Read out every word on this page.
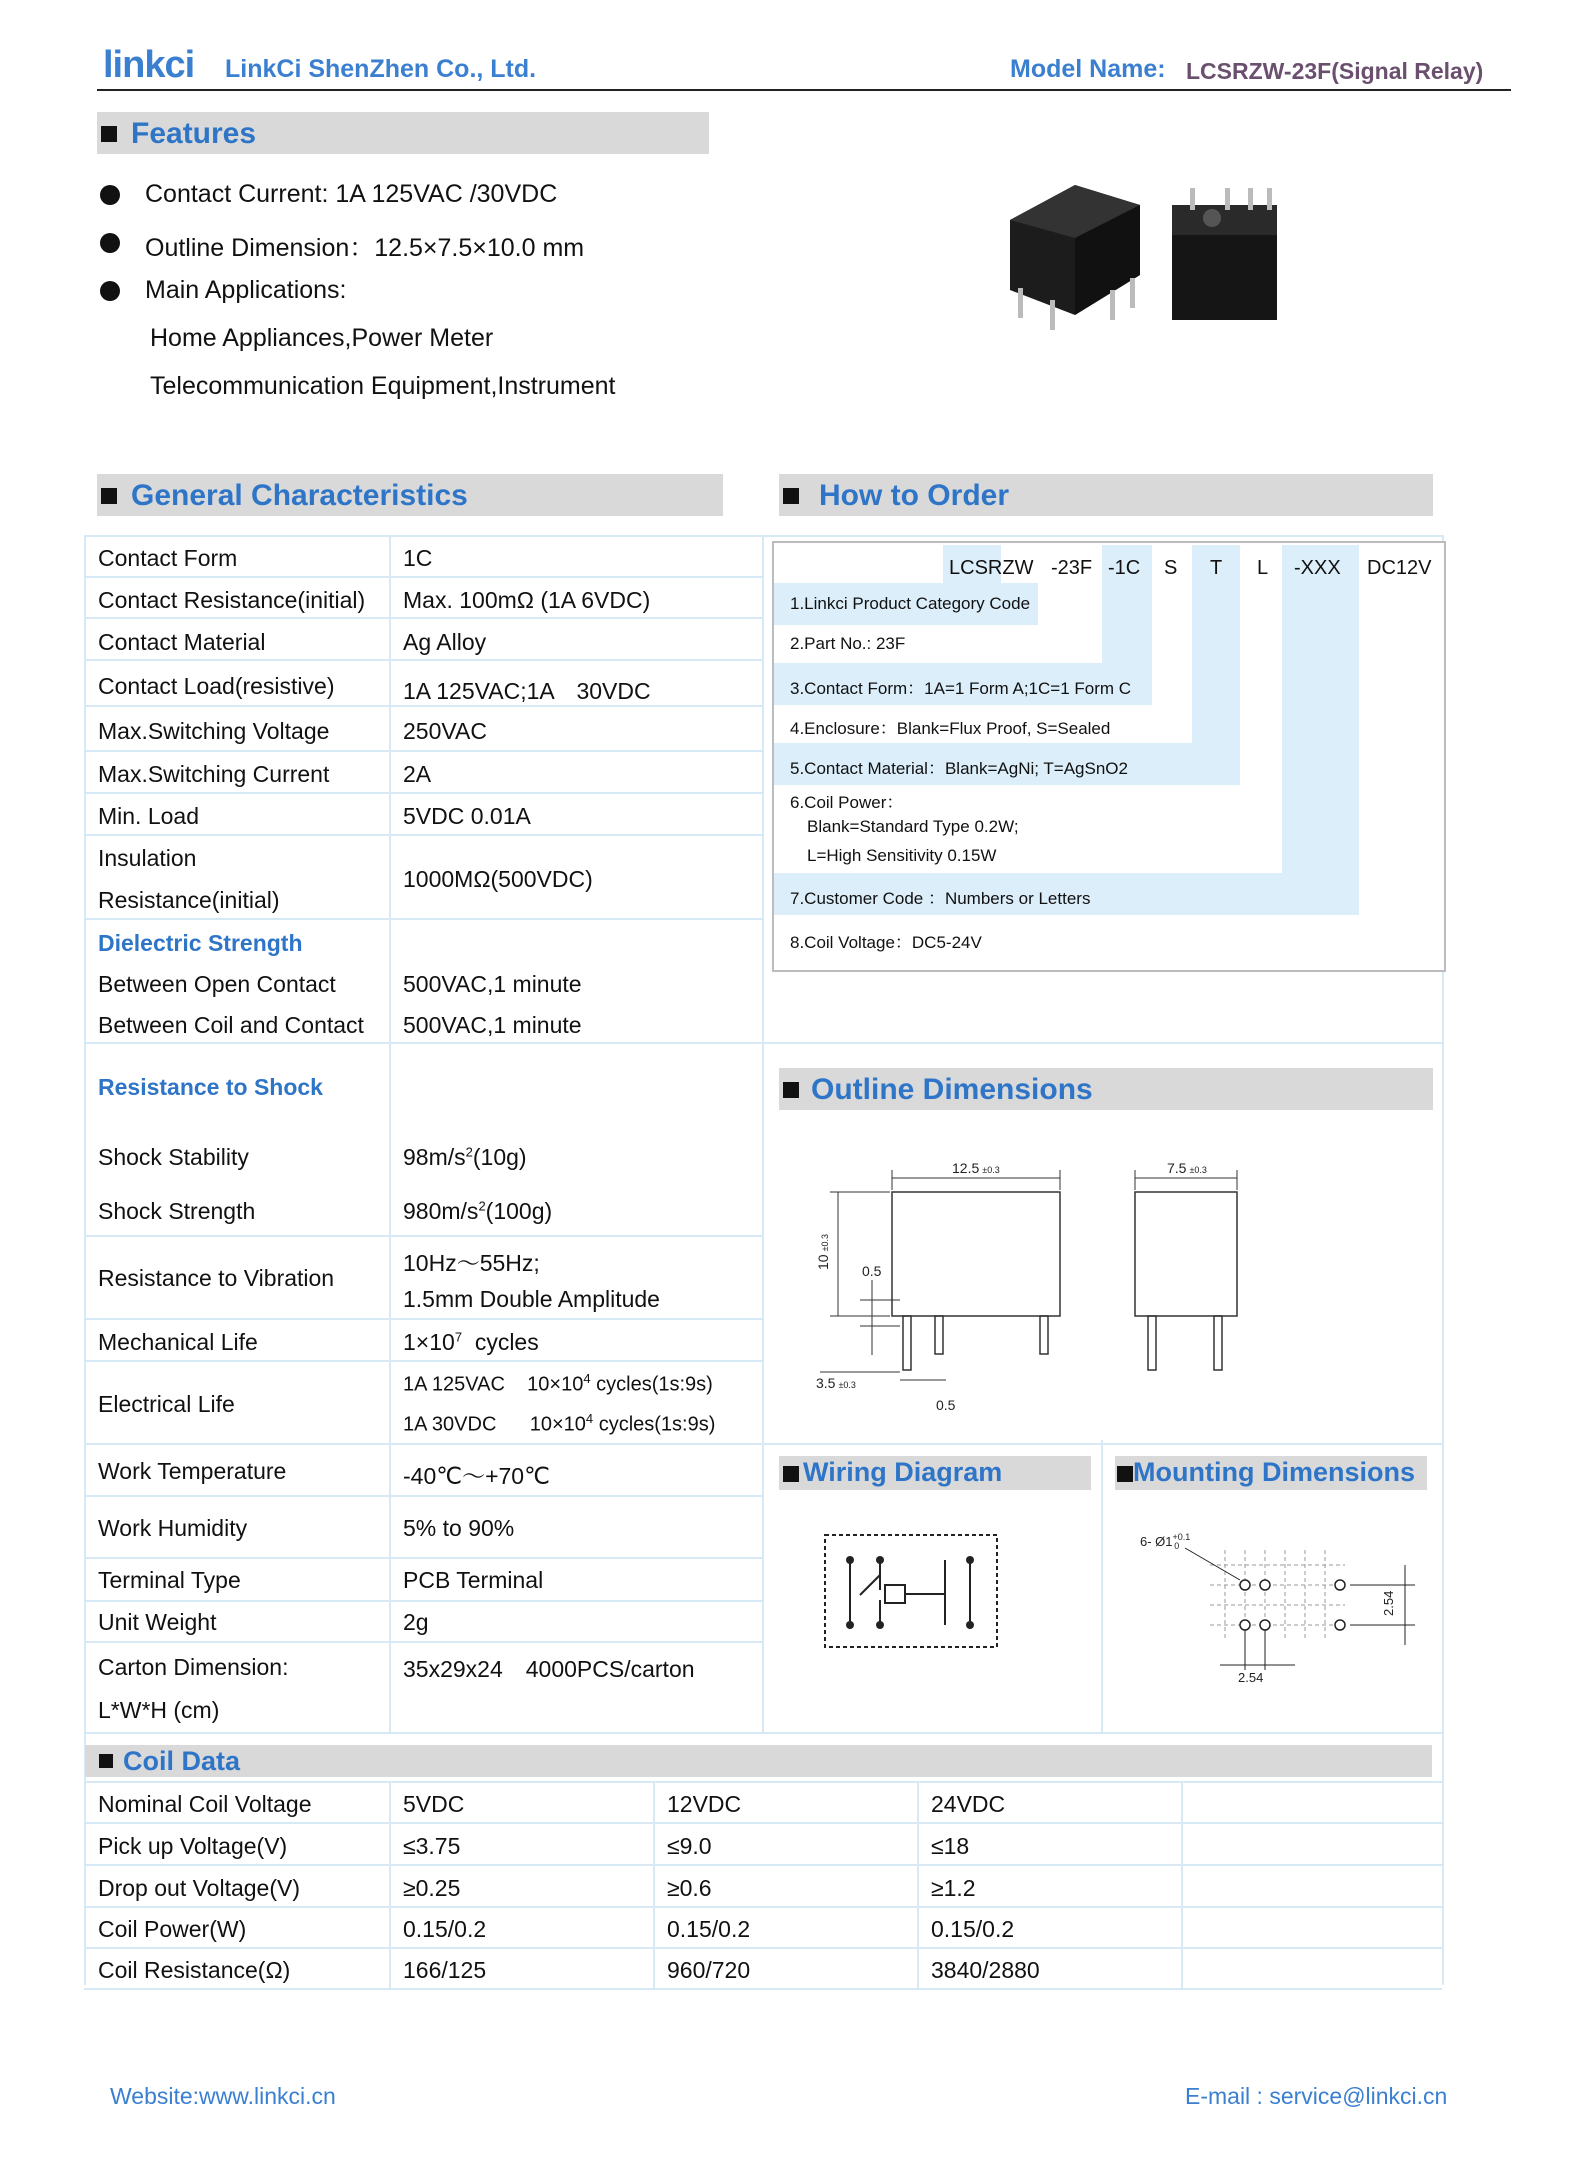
linkci LinkCi ShenZhen Co., Ltd.	Model Name: LCSRZW-23F(Signal Relay)
Features
Contact Current: 1A 125VAC /30VDC
Outline Dimension：12.5×7.5×10.0 mm
Main Applications:
Home Appliances,Power Meter
Telecommunication Equipment,Instrument
General Characteristics	How to Order
Contact Form	1C
Contact Resistance(initial) Max. 100mΩ (1A 6VDC)
Contact Material	Ag Alloy
Contact Load(resistive)	1A 125VAC;1A　30VDC
Max.Switching Voltage	250VAC
Max.Switching Current	2A
Min. Load	5VDC 0.01A
Insulation
Resistance(initial)
1000MΩ(500VDC)
Dielectric Strength
Between Open Contact	500VAC,1 minute
Between Coil and Contact 500VAC,1 minute
Resistance to Shock
Shock Stability	$98m/s^2(10g)$
Shock Strength	$980m/s^2(100g)$
Resistance to Vibration
10Hz～55Hz;
1.5mm Double Amplitude
Mechanical Life	$1\times 10^7$  cycles
Electrical Life
1A 125VAC $10\times 10^4$ cycles(1s:9s)
1A 30VDC $10\times 10^4$ cycles(1s:9s)
Work Temperature	-40℃～+70℃
Work Humidity	5% to 90%
Terminal Type	PCB Terminal
Unit Weight	2g
Carton Dimension:
L*W*H (cm)
35x29x24　4000PCS/carton
LCSRZW -23F -1C S T L -XXX DC12V
1.Linkci Product Category Code
2.Part No.: 23F
3.Contact Form：1A=1 Form A;1C=1 Form C
4.Enclosure：Blank=Flux Proof, S=Sealed
5.Contact Material：Blank=AgNi; T=AgSnO2
6.Coil Power：
Blank=Standard Type 0.2W;
L=High Sensitivity 0.15W
7.Customer Code ：Numbers or Letters
8.Coil Voltage：DC5-24V
Outline Dimensions
12.5 ±0.3	7.5 ±0.3
10±0.3
0.5
3.5 ±0.3
0.5
Wiring Diagram	Mounting Dimensions
6- $Ø1^{+0.1}$ 0
2.54
2.54
Coil Data
Nominal Coil Voltage	5VDC	12VDC	24VDC
Pick up Voltage(V)	≤3.75	≤9.0	≤18
Drop out Voltage(V)	≥0.25	≥0.6	≥1.2
Coil Power(W)	0.15/0.2	0.15/0.2	0.15/0.2
Coil Resistance(Ω)	166/125	960/720	3840/2880
Website:www.linkci.cn	E-mail : service@linkci.cn
